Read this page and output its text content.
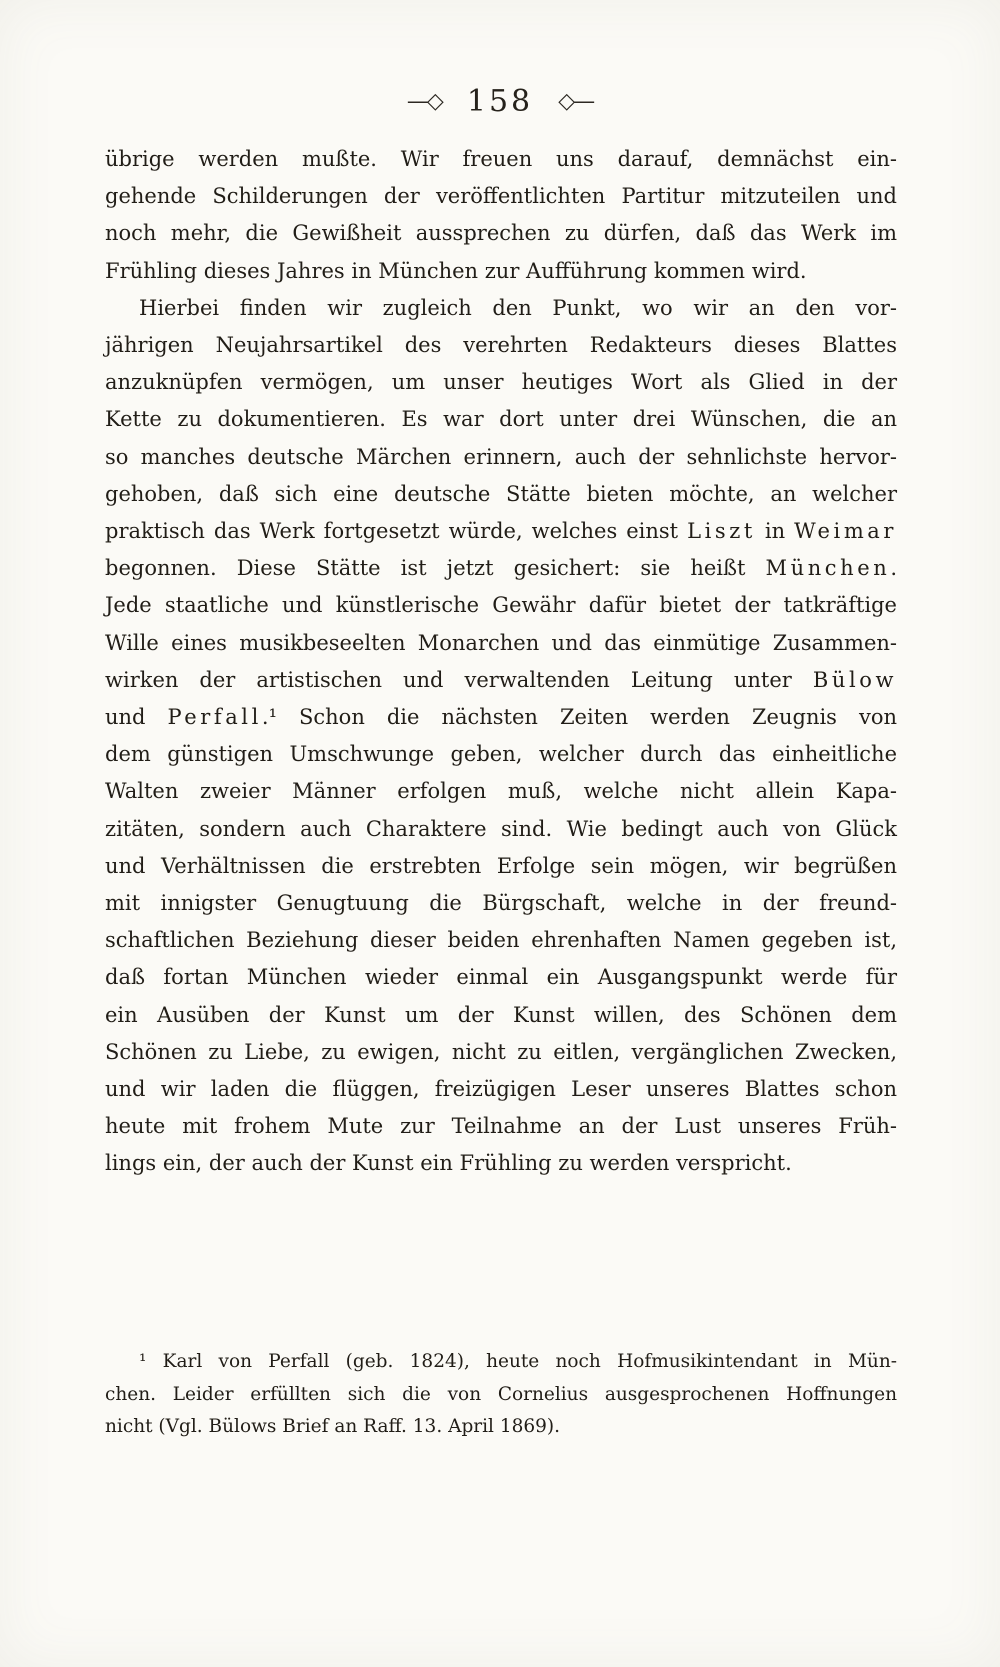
—◇ 158 ◇—
übrige werden mußte. Wir freuen uns darauf, demnächst ein-
gehende Schilderungen der veröffentlichten Partitur mitzuteilen und
noch mehr, die Gewißheit aussprechen zu dürfen, daß das Werk im
Frühling dieses Jahres in München zur Aufführung kommen wird.
Hierbei finden wir zugleich den Punkt, wo wir an den vor-
jährigen Neujahrsartikel des verehrten Redakteurs dieses Blattes
anzuknüpfen vermögen, um unser heutiges Wort als Glied in der
Kette zu dokumentieren. Es war dort unter drei Wünschen, die an
so manches deutsche Märchen erinnern, auch der sehnlichste hervor-
gehoben, daß sich eine deutsche Stätte bieten möchte, an welcher
praktisch das Werk fortgesetzt würde, welches einst Liszt in Weimar
begonnen. Diese Stätte ist jetzt gesichert: sie heißt München.
Jede staatliche und künstlerische Gewähr dafür bietet der tatkräftige
Wille eines musikbeseelten Monarchen und das einmütige Zusammen-
wirken der artistischen und verwaltenden Leitung unter Bülow
und Perfall.¹ Schon die nächsten Zeiten werden Zeugnis von
dem günstigen Umschwunge geben, welcher durch das einheitliche
Walten zweier Männer erfolgen muß, welche nicht allein Kapa-
zitäten, sondern auch Charaktere sind. Wie bedingt auch von Glück
und Verhältnissen die erstrebten Erfolge sein mögen, wir begrüßen
mit innigster Genugtuung die Bürgschaft, welche in der freund-
schaftlichen Beziehung dieser beiden ehrenhaften Namen gegeben ist,
daß fortan München wieder einmal ein Ausgangspunkt werde für
ein Ausüben der Kunst um der Kunst willen, des Schönen dem
Schönen zu Liebe, zu ewigen, nicht zu eitlen, vergänglichen Zwecken,
und wir laden die flüggen, freizügigen Leser unseres Blattes schon
heute mit frohem Mute zur Teilnahme an der Lust unseres Früh-
lings ein, der auch der Kunst ein Frühling zu werden verspricht.
¹ Karl von Perfall (geb. 1824), heute noch Hofmusikintendant in Mün-
chen. Leider erfüllten sich die von Cornelius ausgesprochenen Hoffnungen
nicht (Vgl. Bülows Brief an Raff. 13. April 1869).
